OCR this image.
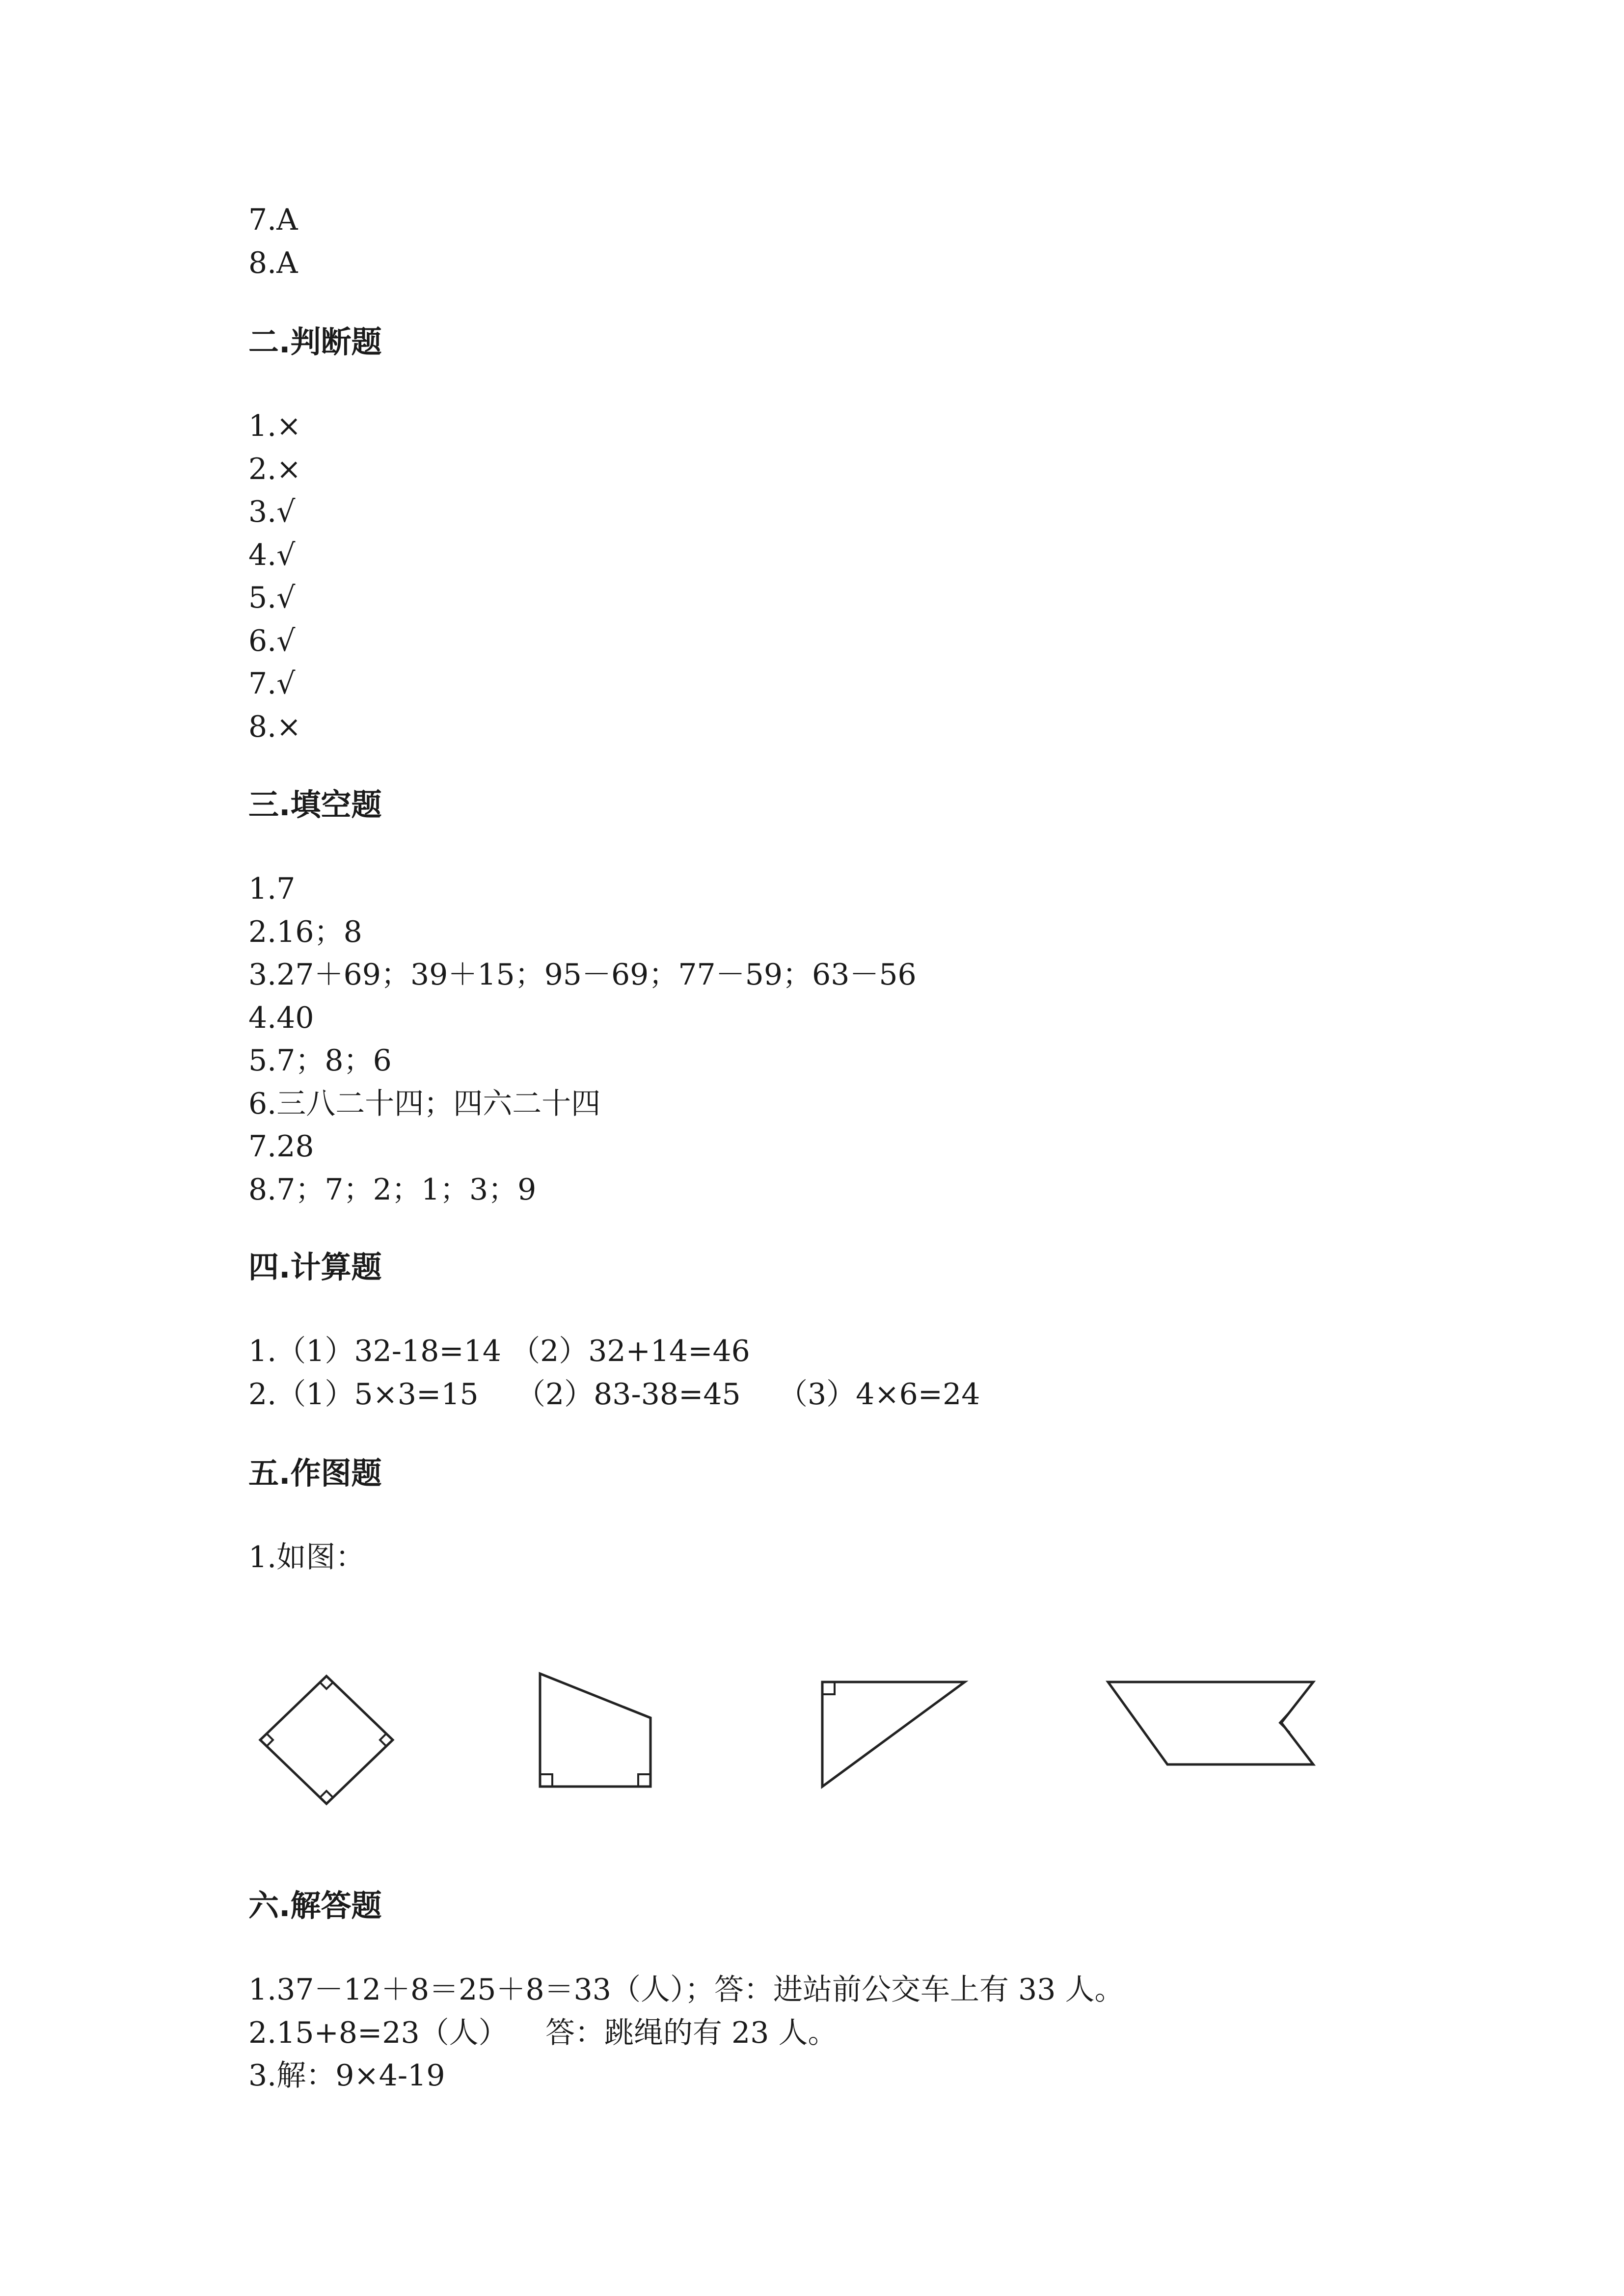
7.A
8.A
二.判断题
1.×
2.×
3.√
4.√
5.√
6.√
7.√
8.×
三.填空题
1.7
2.16；8
3.27＋69；39＋15；95－69；77－59；63－56
4.40
5.7；8；6
6.三八二十四；四六二十四
7.28
8.7；7；2；1；3；9
四.计算题
1.（1）32-18=14 （2）32+14=46
2.（1）5×3=15    （2）83-38=45    （3）4×6=24
五.作图题
1.如图：
六.解答题
1.37－12＋8＝25＋8＝33（人）；答：进站前公交车上有 33 人。
2.15+8=23（人）    答：跳绳的有 23 人。
3.解：9×4-19
